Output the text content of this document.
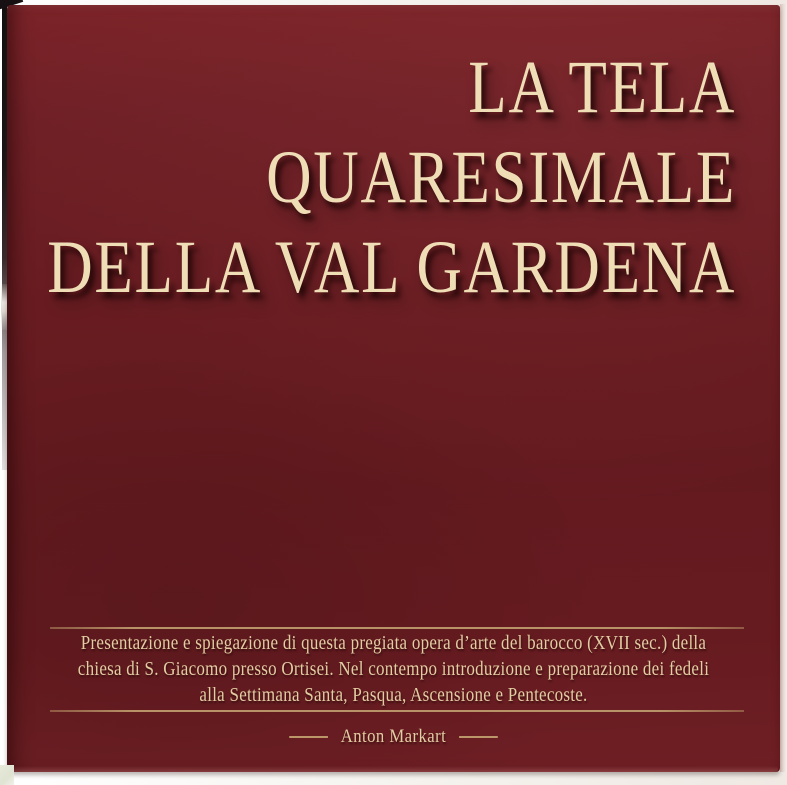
LA TELA
QUARESIMALE
DELLA VAL GARDENA
Presentazione e spiegazione di questa pregiata opera d’arte del barocco (XVII sec.) della
chiesa di S. Giacomo presso Ortisei. Nel contempo introduzione e preparazione dei fedeli
alla Settimana Santa, Pasqua, Ascensione e Pentecoste.
Anton Markart
